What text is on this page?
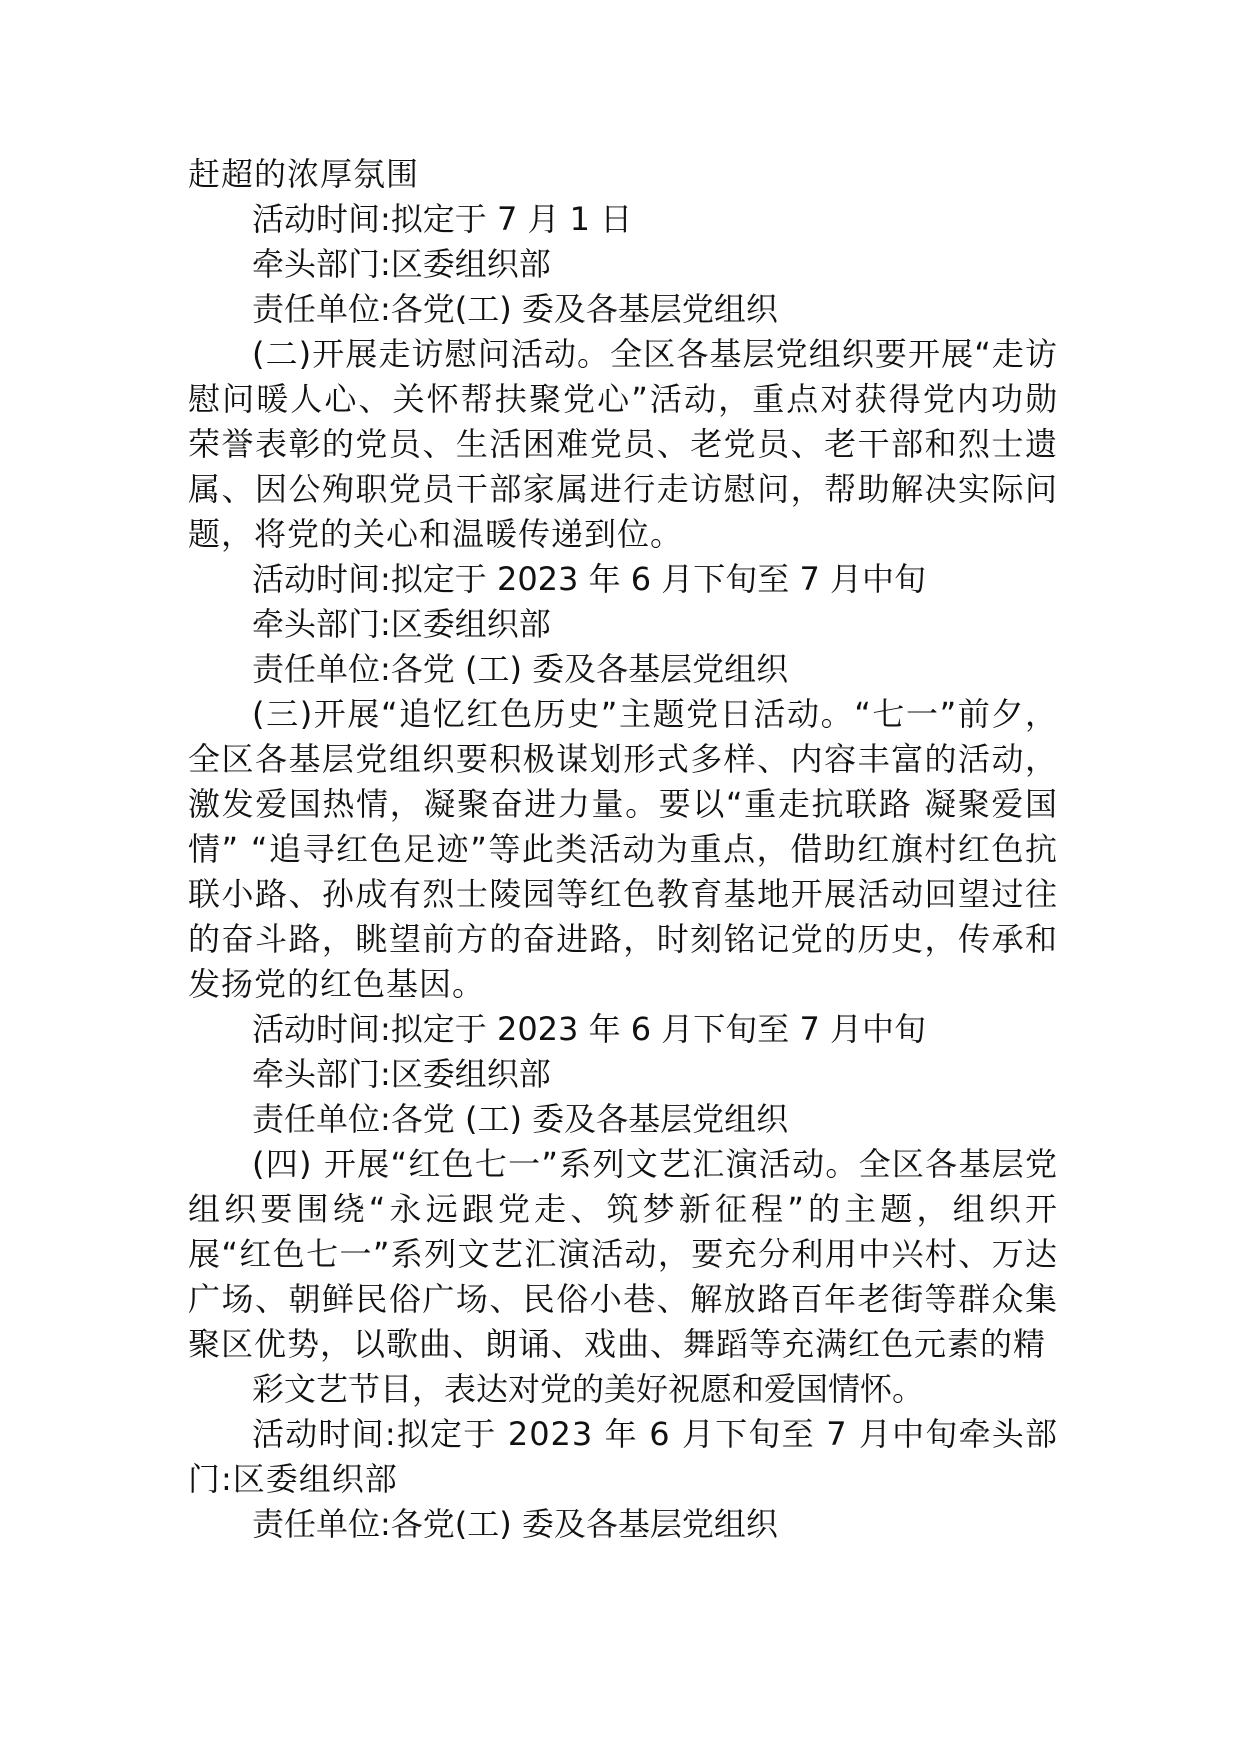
赶超的浓厚氛围

活动时间:拟定于 7 月 1 日

牵头部门:区委组织部

责任单位:各党(工) 委及各基层党组织

(二)开展走访慰问活动。全区各基层党组织要开展“走访慰问暖人心、关怀帮扶聚党心”活动，重点对获得党内功勋荣誉表彰的党员、生活困难党员、老党员、老干部和烈士遗属、因公殉职党员干部家属进行走访慰问，帮助解决实际问题，将党的关心和温暖传递到位。

活动时间:拟定于 2023 年 6 月下旬至 7 月中旬

牵头部门:区委组织部

责任单位:各党 (工) 委及各基层党组织

(三)开展“追忆红色历史”主题党日活动。“七一”前夕，全区各基层党组织要积极谋划形式多样、内容丰富的活动，激发爱国热情，凝聚奋进力量。要以“重走抗联路 凝聚爱国情” “追寻红色足迹”等此类活动为重点，借助红旗村红色抗联小路、孙成有烈士陵园等红色教育基地开展活动回望过往的奋斗路，眺望前方的奋进路，时刻铭记党的历史，传承和发扬党的红色基因。

活动时间:拟定于 2023 年 6 月下旬至 7 月中旬

牵头部门:区委组织部

责任单位:各党 (工) 委及各基层党组织

(四) 开展“红色七一”系列文艺汇演活动。全区各基层党组织要围绕“永远跟党走、筑梦新征程”的主题，组织开展“红色七一”系列文艺汇演活动，要充分利用中兴村、万达广场、朝鲜民俗广场、民俗小巷、解放路百年老街等群众集聚区优势，以歌曲、朗诵、戏曲、舞蹈等充满红色元素的精

彩文艺节目，表达对党的美好祝愿和爱国情怀。

活动时间:拟定于 2023 年 6 月下旬至 7 月中旬牵头部门:区委组织部

责任单位:各党(工) 委及各基层党组织
